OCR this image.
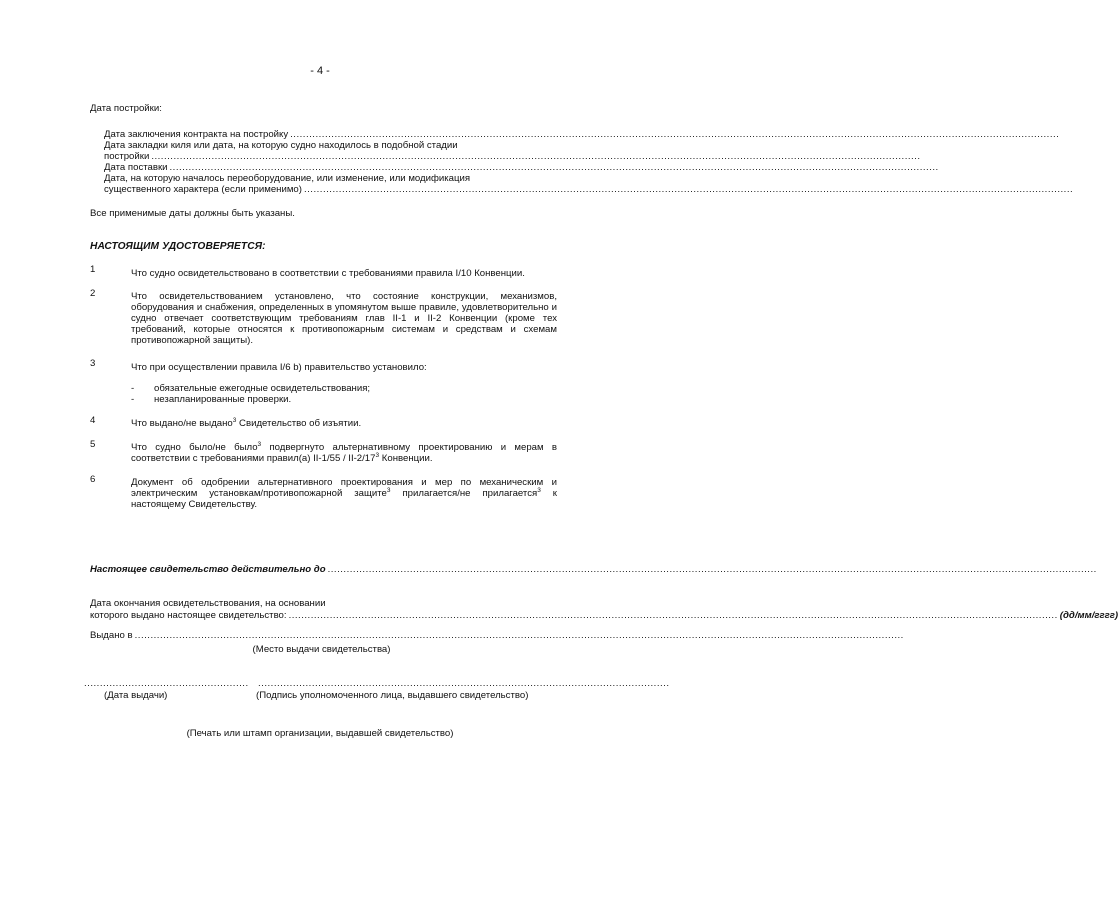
- 4 -
Дата постройки:
Дата заключения контракта на постройку
.....
Дата закладки киля или дата, на которую судно находилось в подобной стадии
постройки
.....
Дата поставки
.....
Дата, на которую началось переоборудование, или изменение, или модификация
существенного характера (если применимо)
.....
Все применимые даты должны быть указаны.
НАСТОЯЩИМ УДОСТОВЕРЯЕТСЯ:
1	Что судно освидетельствовано в соответствии с требованиями правила I/10 Конвенции.
2	Что освидетельствованием установлено, что состояние конструкции, механизмов, оборудования и снабжения, определенных в упомянутом выше правиле, удовлетворительно и судно отвечает соответствующим требованиям глав II-1 и II-2 Конвенции (кроме тех требований, которые относятся к противопожарным системам и средствам и схемам противопожарной защиты).
3	Что при осуществлении правила I/6 b) правительство установило:
- обязательные ежегодные освидетельствования;
- незапланированные проверки.
4	Что выдано/не выдано$^3$ Свидетельство об изъятии.
5	Что судно было/не было$^3$ подвергнуто альтернативному проектированию и мерам в соответствии с требованиями правил(а) $II-1/55 / II-2/17^3$ Конвенции.
6	Документ об одобрении альтернативного проектирования и мер по механическим и электрическим установкам/противопожарной защите$^3$ прилагается/не прилагается$^3$ к настоящему Свидетельству.
Настоящее свидетельство действительно до
.....
Дата окончания освидетельствования, на основании
которого выдано настоящее свидетельство:
.....	(дд/мм/гггг)
Выдано в
.....
(Место выдачи свидетельства)
.................................................... ..................................................................................................................................
(Дата выдачи)	(Подпись уполномоченного лица, выдавшего свидетельство)
(Печать или штамп организации, выдавшей свидетельство)
